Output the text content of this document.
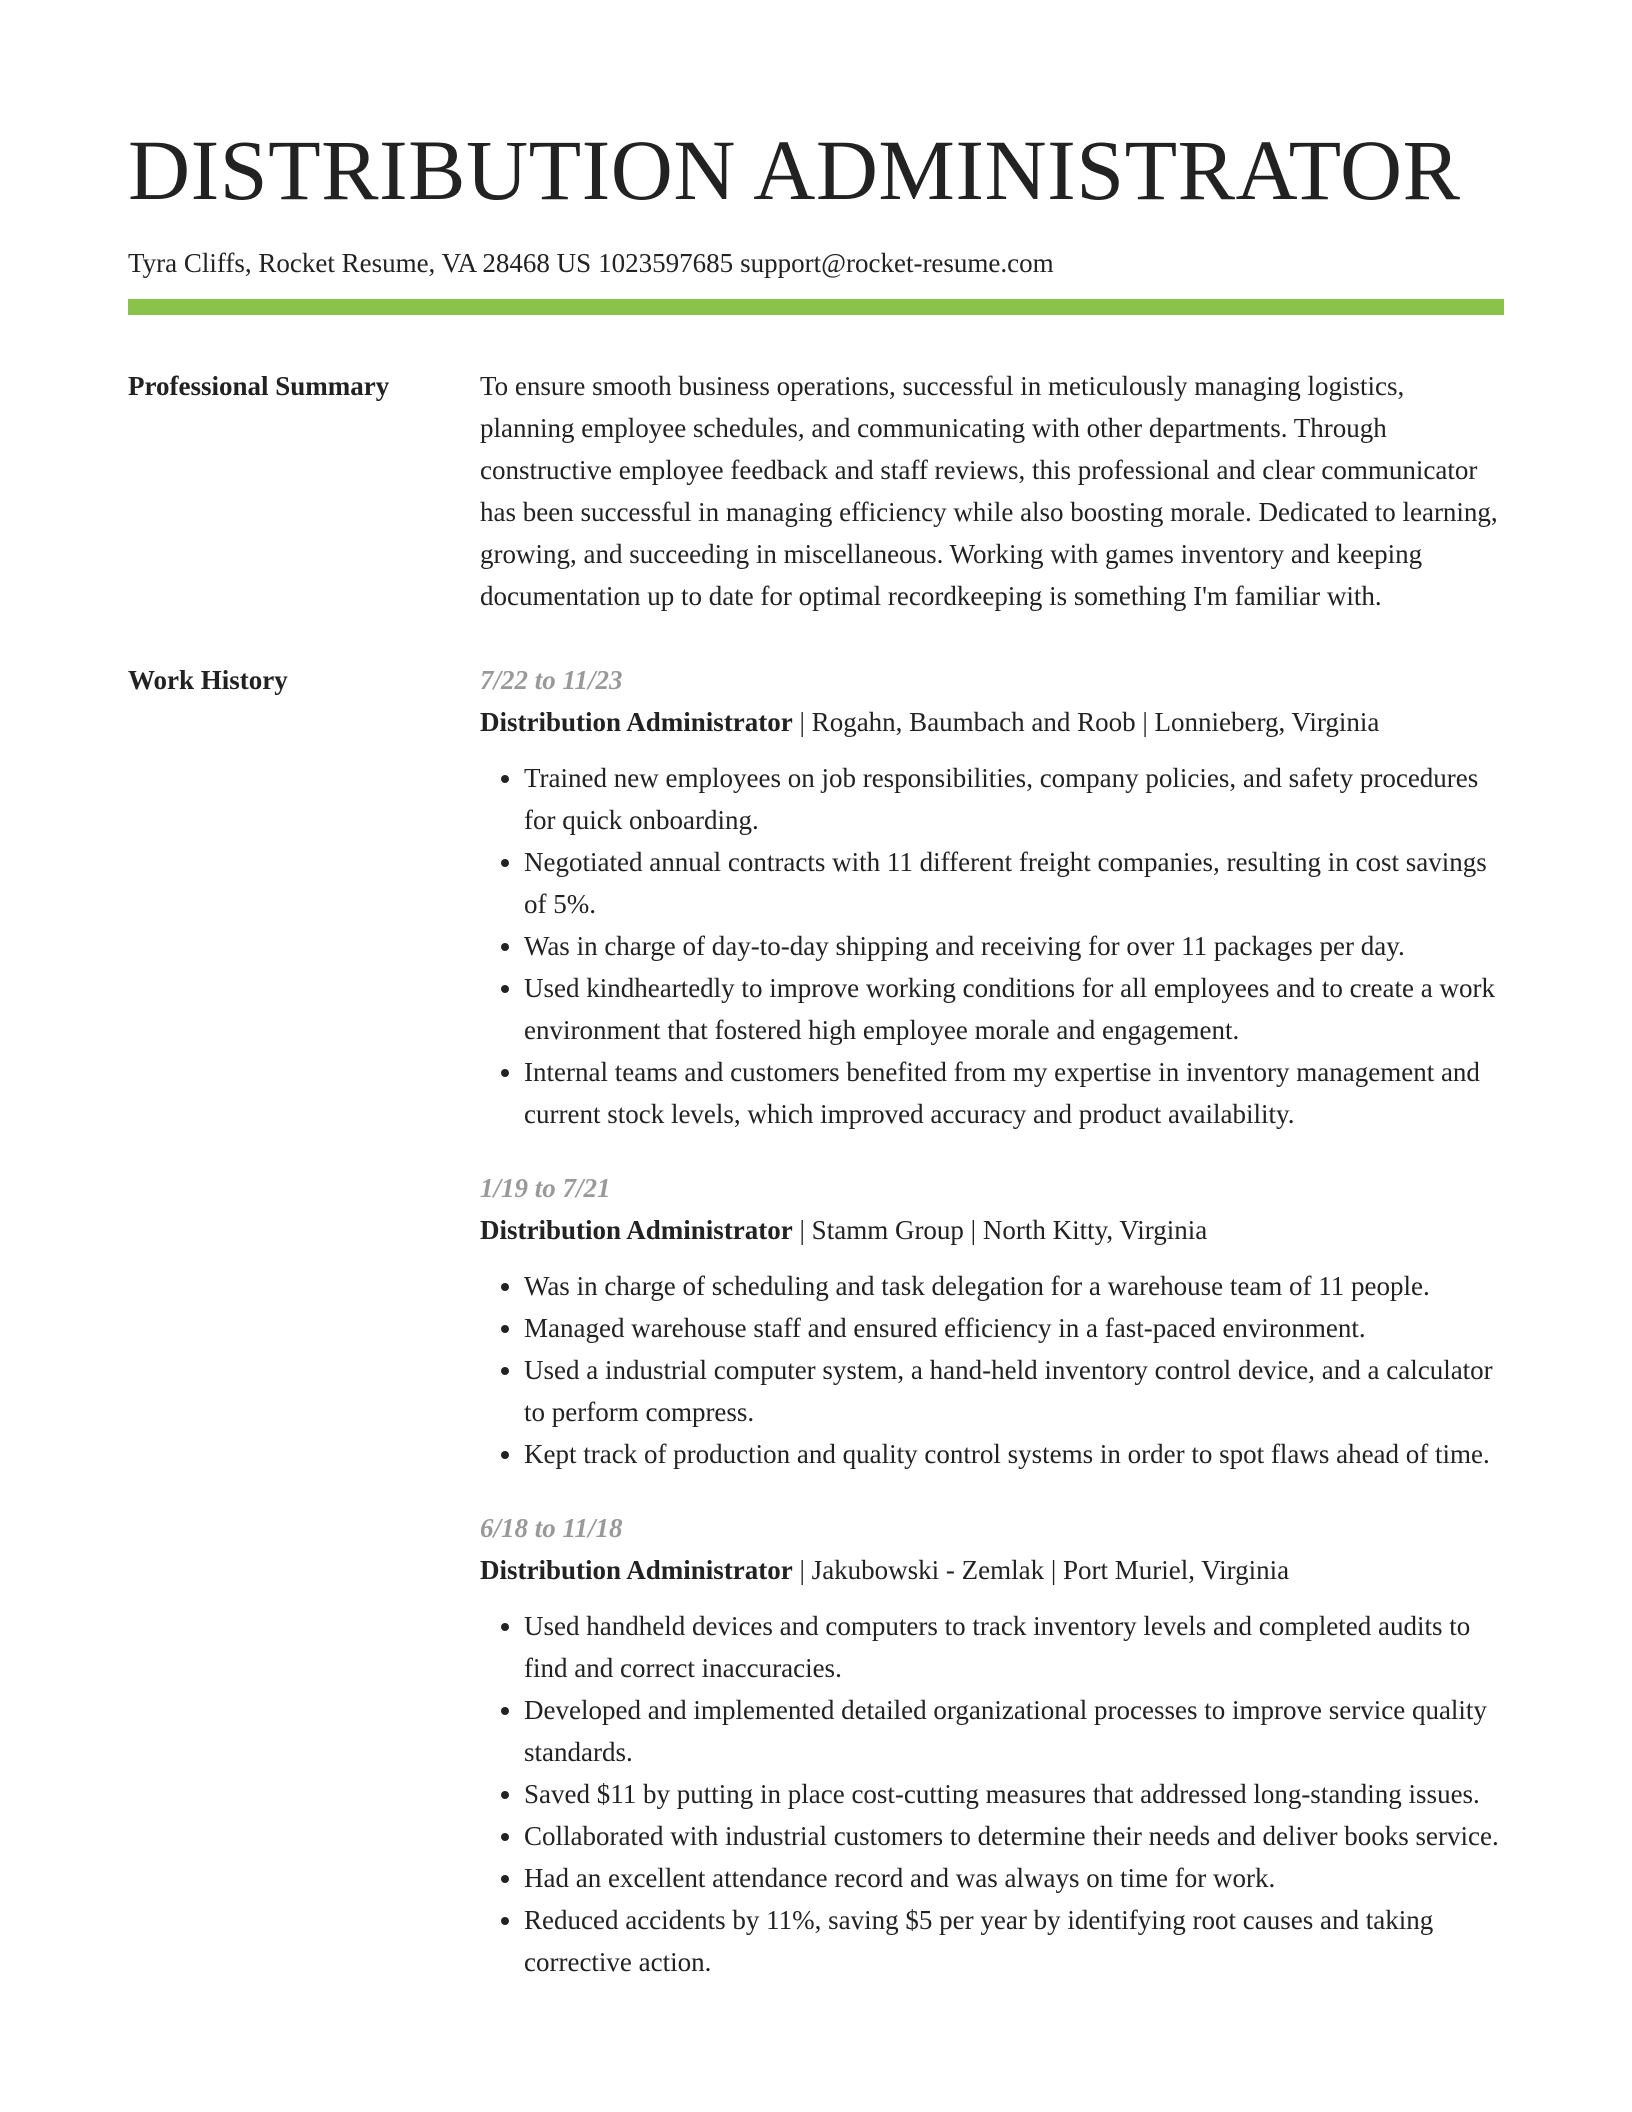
DISTRIBUTION ADMINISTRATOR
Tyra Cliffs, Rocket Resume, VA 28468 US 1023597685 support@rocket-resume.com
Professional Summary	To ensure smooth business operations, successful in meticulously managing logistics, planning employee schedules, and communicating with other departments. Through constructive employee feedback and staff reviews, this professional and clear communicator has been successful in managing efficiency while also boosting morale. Dedicated to learning, growing, and succeeding in miscellaneous. Working with games inventory and keeping documentation up to date for optimal recordkeeping is something I'm familiar with.

Work History	7/22 to 11/23
Distribution Administrator | Rogahn, Baumbach and Roob | Lonnieberg, Virginia
• Trained new employees on job responsibilities, company policies, and safety procedures for quick onboarding.
• Negotiated annual contracts with 11 different freight companies, resulting in cost savings of 5%.
• Was in charge of day-to-day shipping and receiving for over 11 packages per day.
• Used kindheartedly to improve working conditions for all employees and to create a work environment that fostered high employee morale and engagement.
• Internal teams and customers benefited from my expertise in inventory management and current stock levels, which improved accuracy and product availability.
1/19 to 7/21
Distribution Administrator | Stamm Group | North Kitty, Virginia
• Was in charge of scheduling and task delegation for a warehouse team of 11 people.
• Managed warehouse staff and ensured efficiency in a fast-paced environment.
• Used a industrial computer system, a hand-held inventory control device, and a calculator to perform compress.
• Kept track of production and quality control systems in order to spot flaws ahead of time.
6/18 to 11/18
Distribution Administrator | Jakubowski - Zemlak | Port Muriel, Virginia
• Used handheld devices and computers to track inventory levels and completed audits to find and correct inaccuracies.
• Developed and implemented detailed organizational processes to improve service quality standards.
• Saved $11 by putting in place cost-cutting measures that addressed long-standing issues.
• Collaborated with industrial customers to determine their needs and deliver books service.
• Had an excellent attendance record and was always on time for work.
• Reduced accidents by 11%, saving $5 per year by identifying root causes and taking corrective action.
